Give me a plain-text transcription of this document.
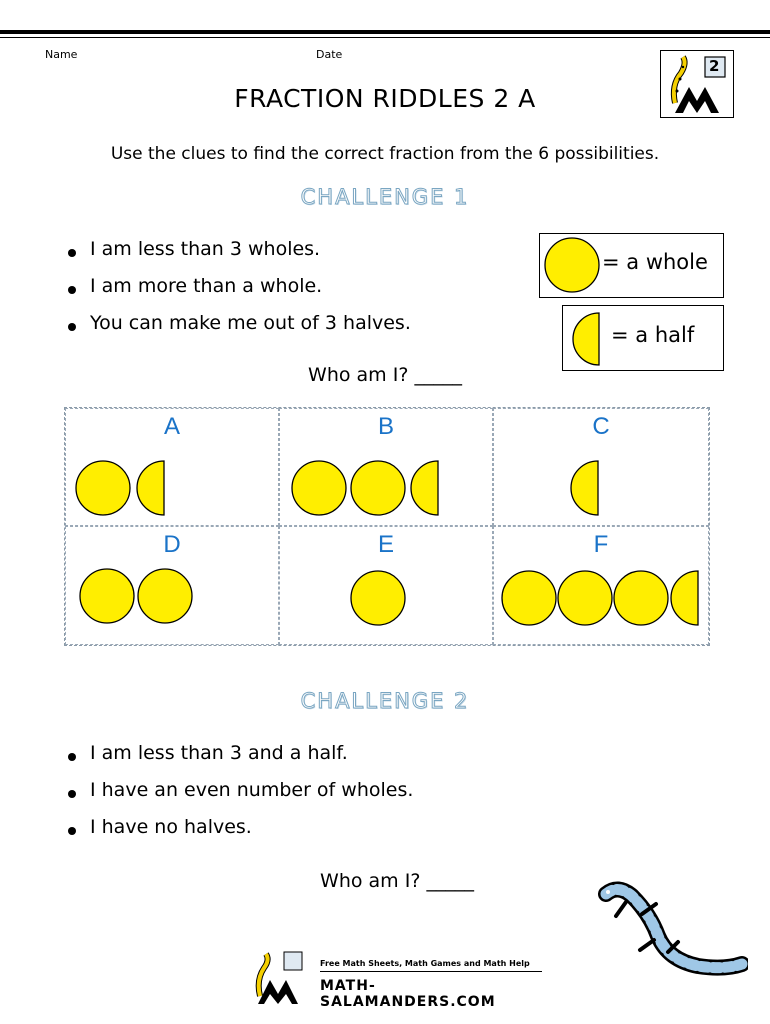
Name	Date
2
FRACTION RIDDLES 2 A
Use the clues to find the correct fraction from the 6 possibilities.
CHALLENGE 1
I am less than 3 wholes.
I am more than a whole.
You can make me out of 3 halves.
= a whole
= a half
Who am I? _____
A	B	C
D	E	F
CHALLENGE 2
I am less than 3 and a half.
I have an even number of wholes.
I have no halves.
Who am I? _____
Free Math Sheets, Math Games and Math Help
MATH-SALAMANDERS.COM
